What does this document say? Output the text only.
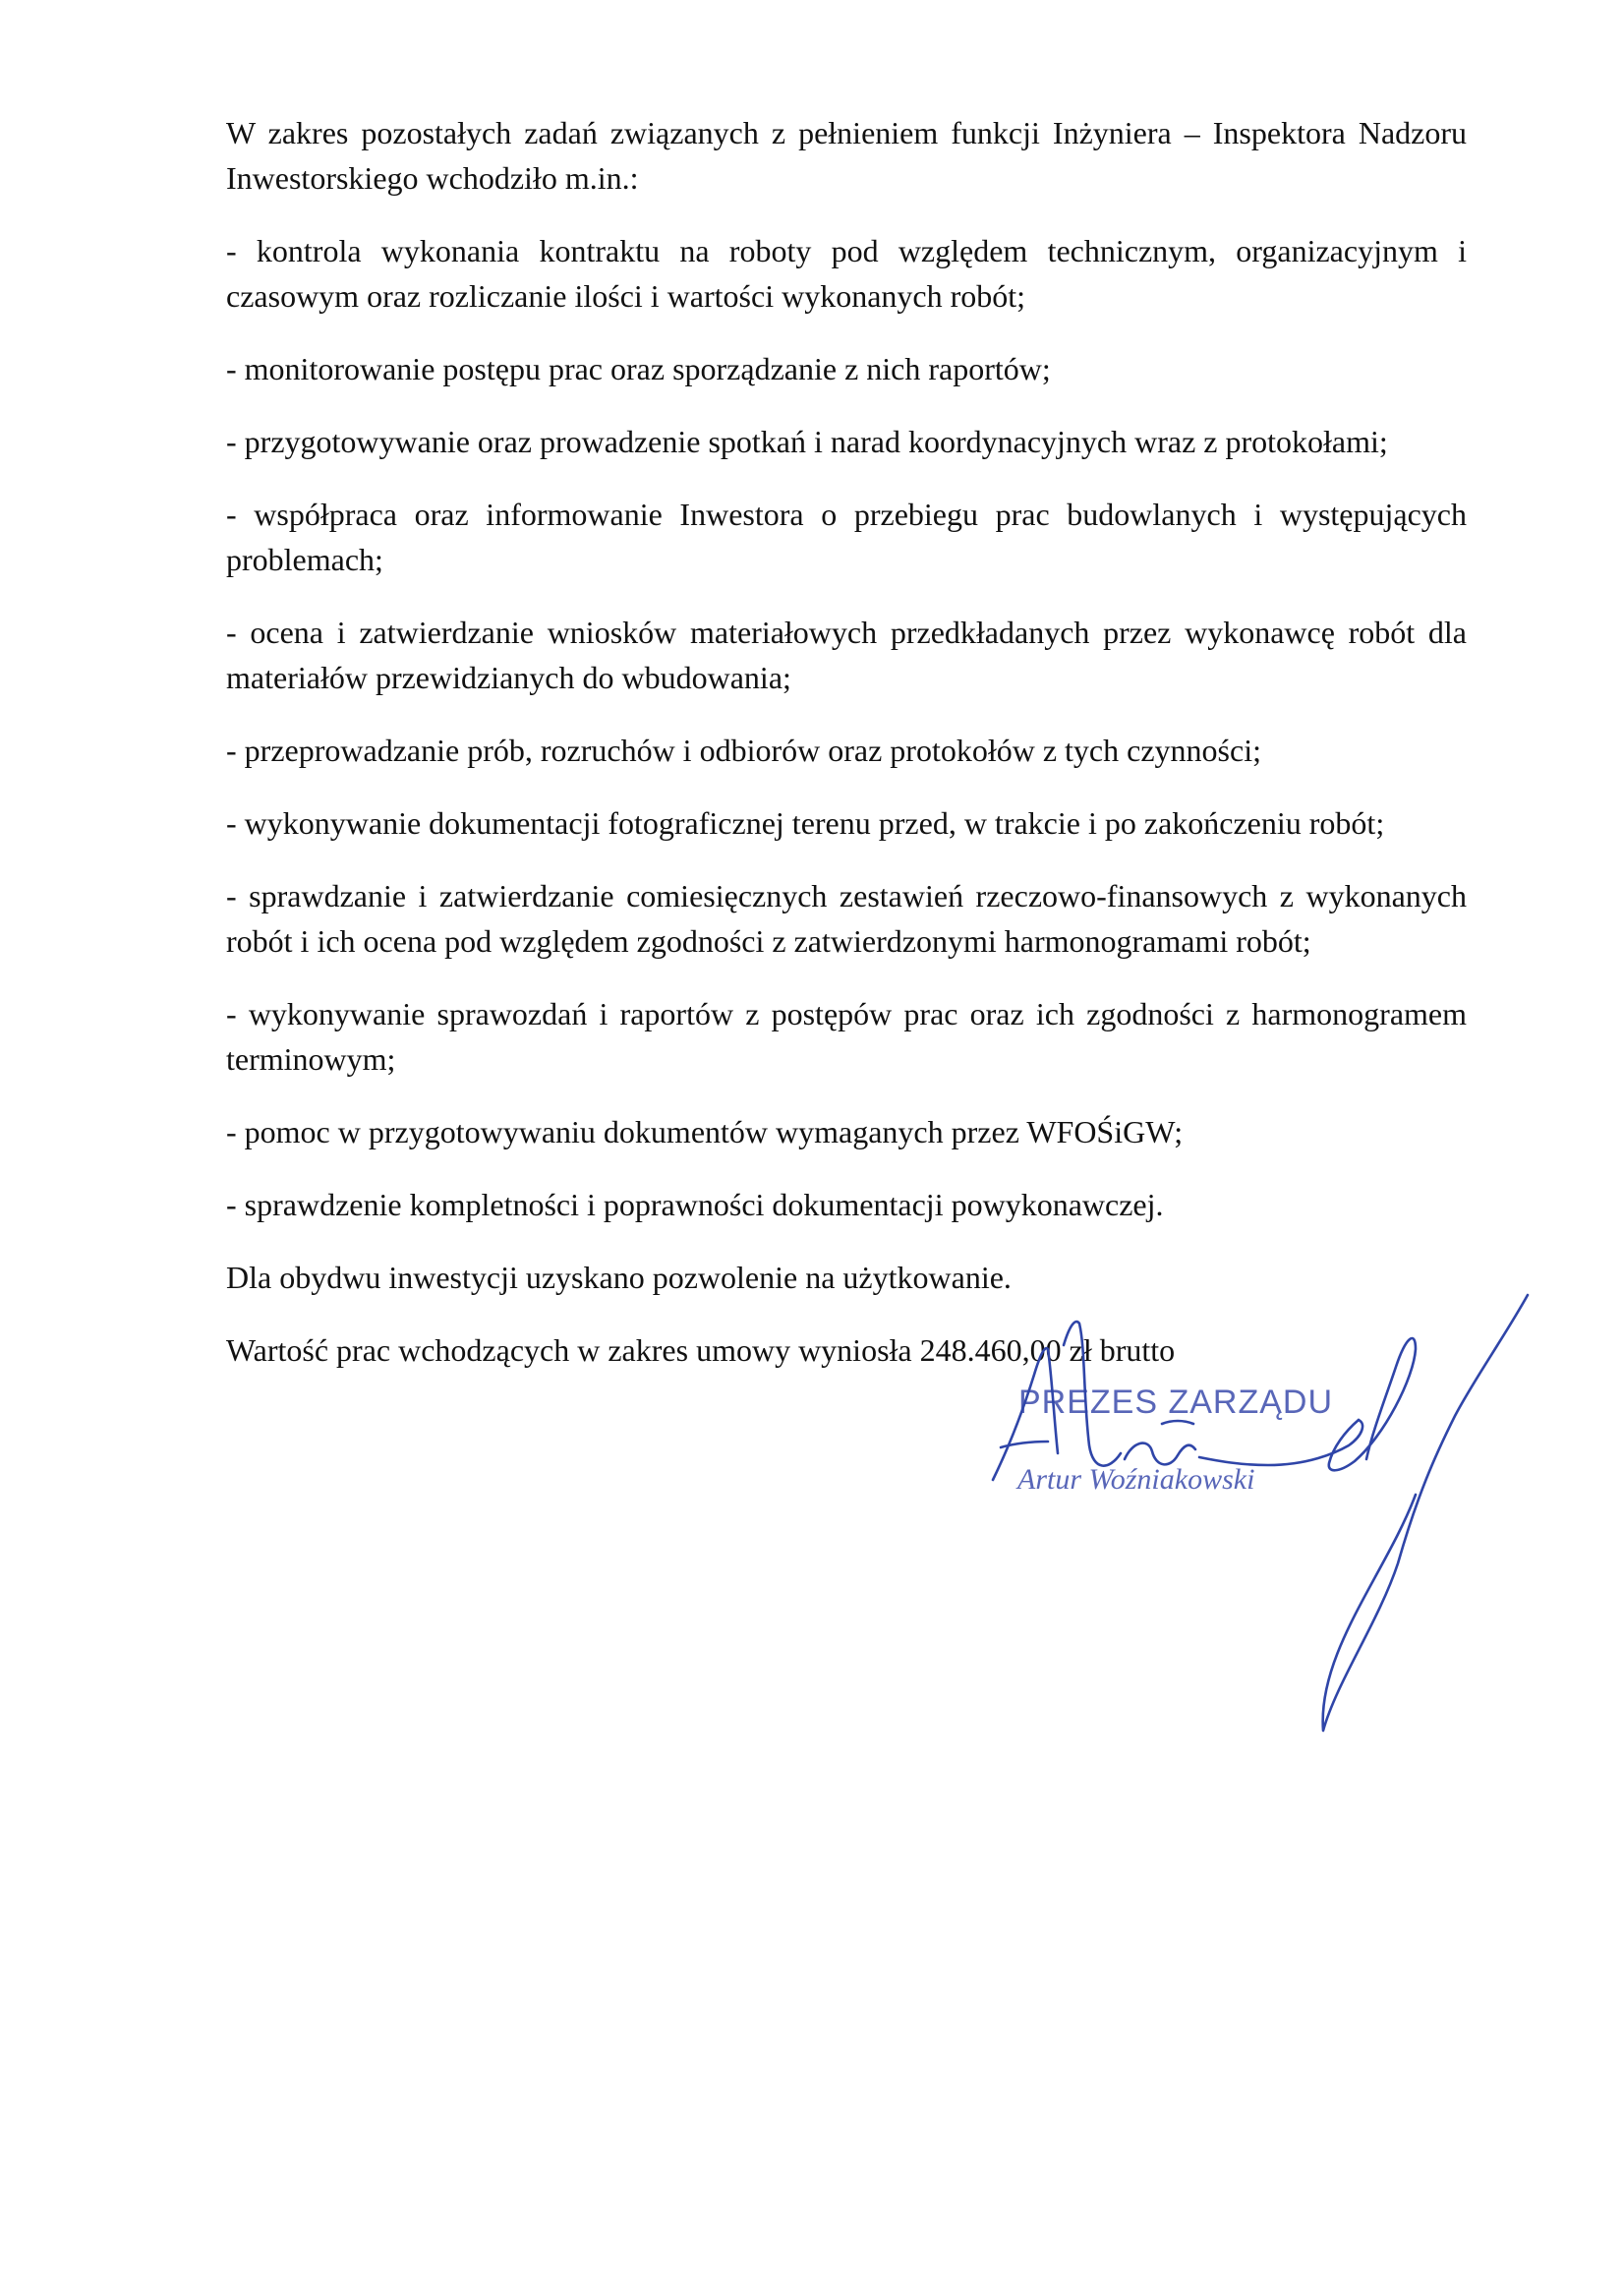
W zakres pozostałych zadań związanych z pełnieniem funkcji Inżyniera – Inspektora Nadzoru Inwestorskiego wchodziło m.in.:

- kontrola wykonania kontraktu na roboty pod względem technicznym, organizacyjnym i czasowym oraz rozliczanie ilości i wartości wykonanych robót;

- monitorowanie postępu prac oraz sporządzanie z nich raportów;

- przygotowywanie oraz prowadzenie spotkań i narad koordynacyjnych wraz z protokołami;

- współpraca oraz informowanie Inwestora o przebiegu prac budowlanych i występujących problemach;

- ocena i zatwierdzanie wniosków materiałowych przedkładanych przez wykonawcę robót dla materiałów przewidzianych do wbudowania;

- przeprowadzanie prób, rozruchów i odbiorów oraz protokołów z tych czynności;

- wykonywanie dokumentacji fotograficznej terenu przed, w trakcie i po zakończeniu robót;

- sprawdzanie i zatwierdzanie comiesięcznych zestawień rzeczowo-finansowych z wykonanych robót i ich ocena pod względem zgodności z zatwierdzonymi harmonogramami robót;

- wykonywanie sprawozdań i raportów z postępów prac oraz ich zgodności z harmonogramem terminowym;

- pomoc w przygotowywaniu dokumentów wymaganych przez WFOŚiGW;

- sprawdzenie kompletności i poprawności dokumentacji powykonawczej.

Dla obydwu inwestycji uzyskano pozwolenie na użytkowanie.

Wartość prac wchodzących w zakres umowy wyniosła 248.460,00 zł brutto

PREZES ZARZĄDU
Artur Woźniakowski
